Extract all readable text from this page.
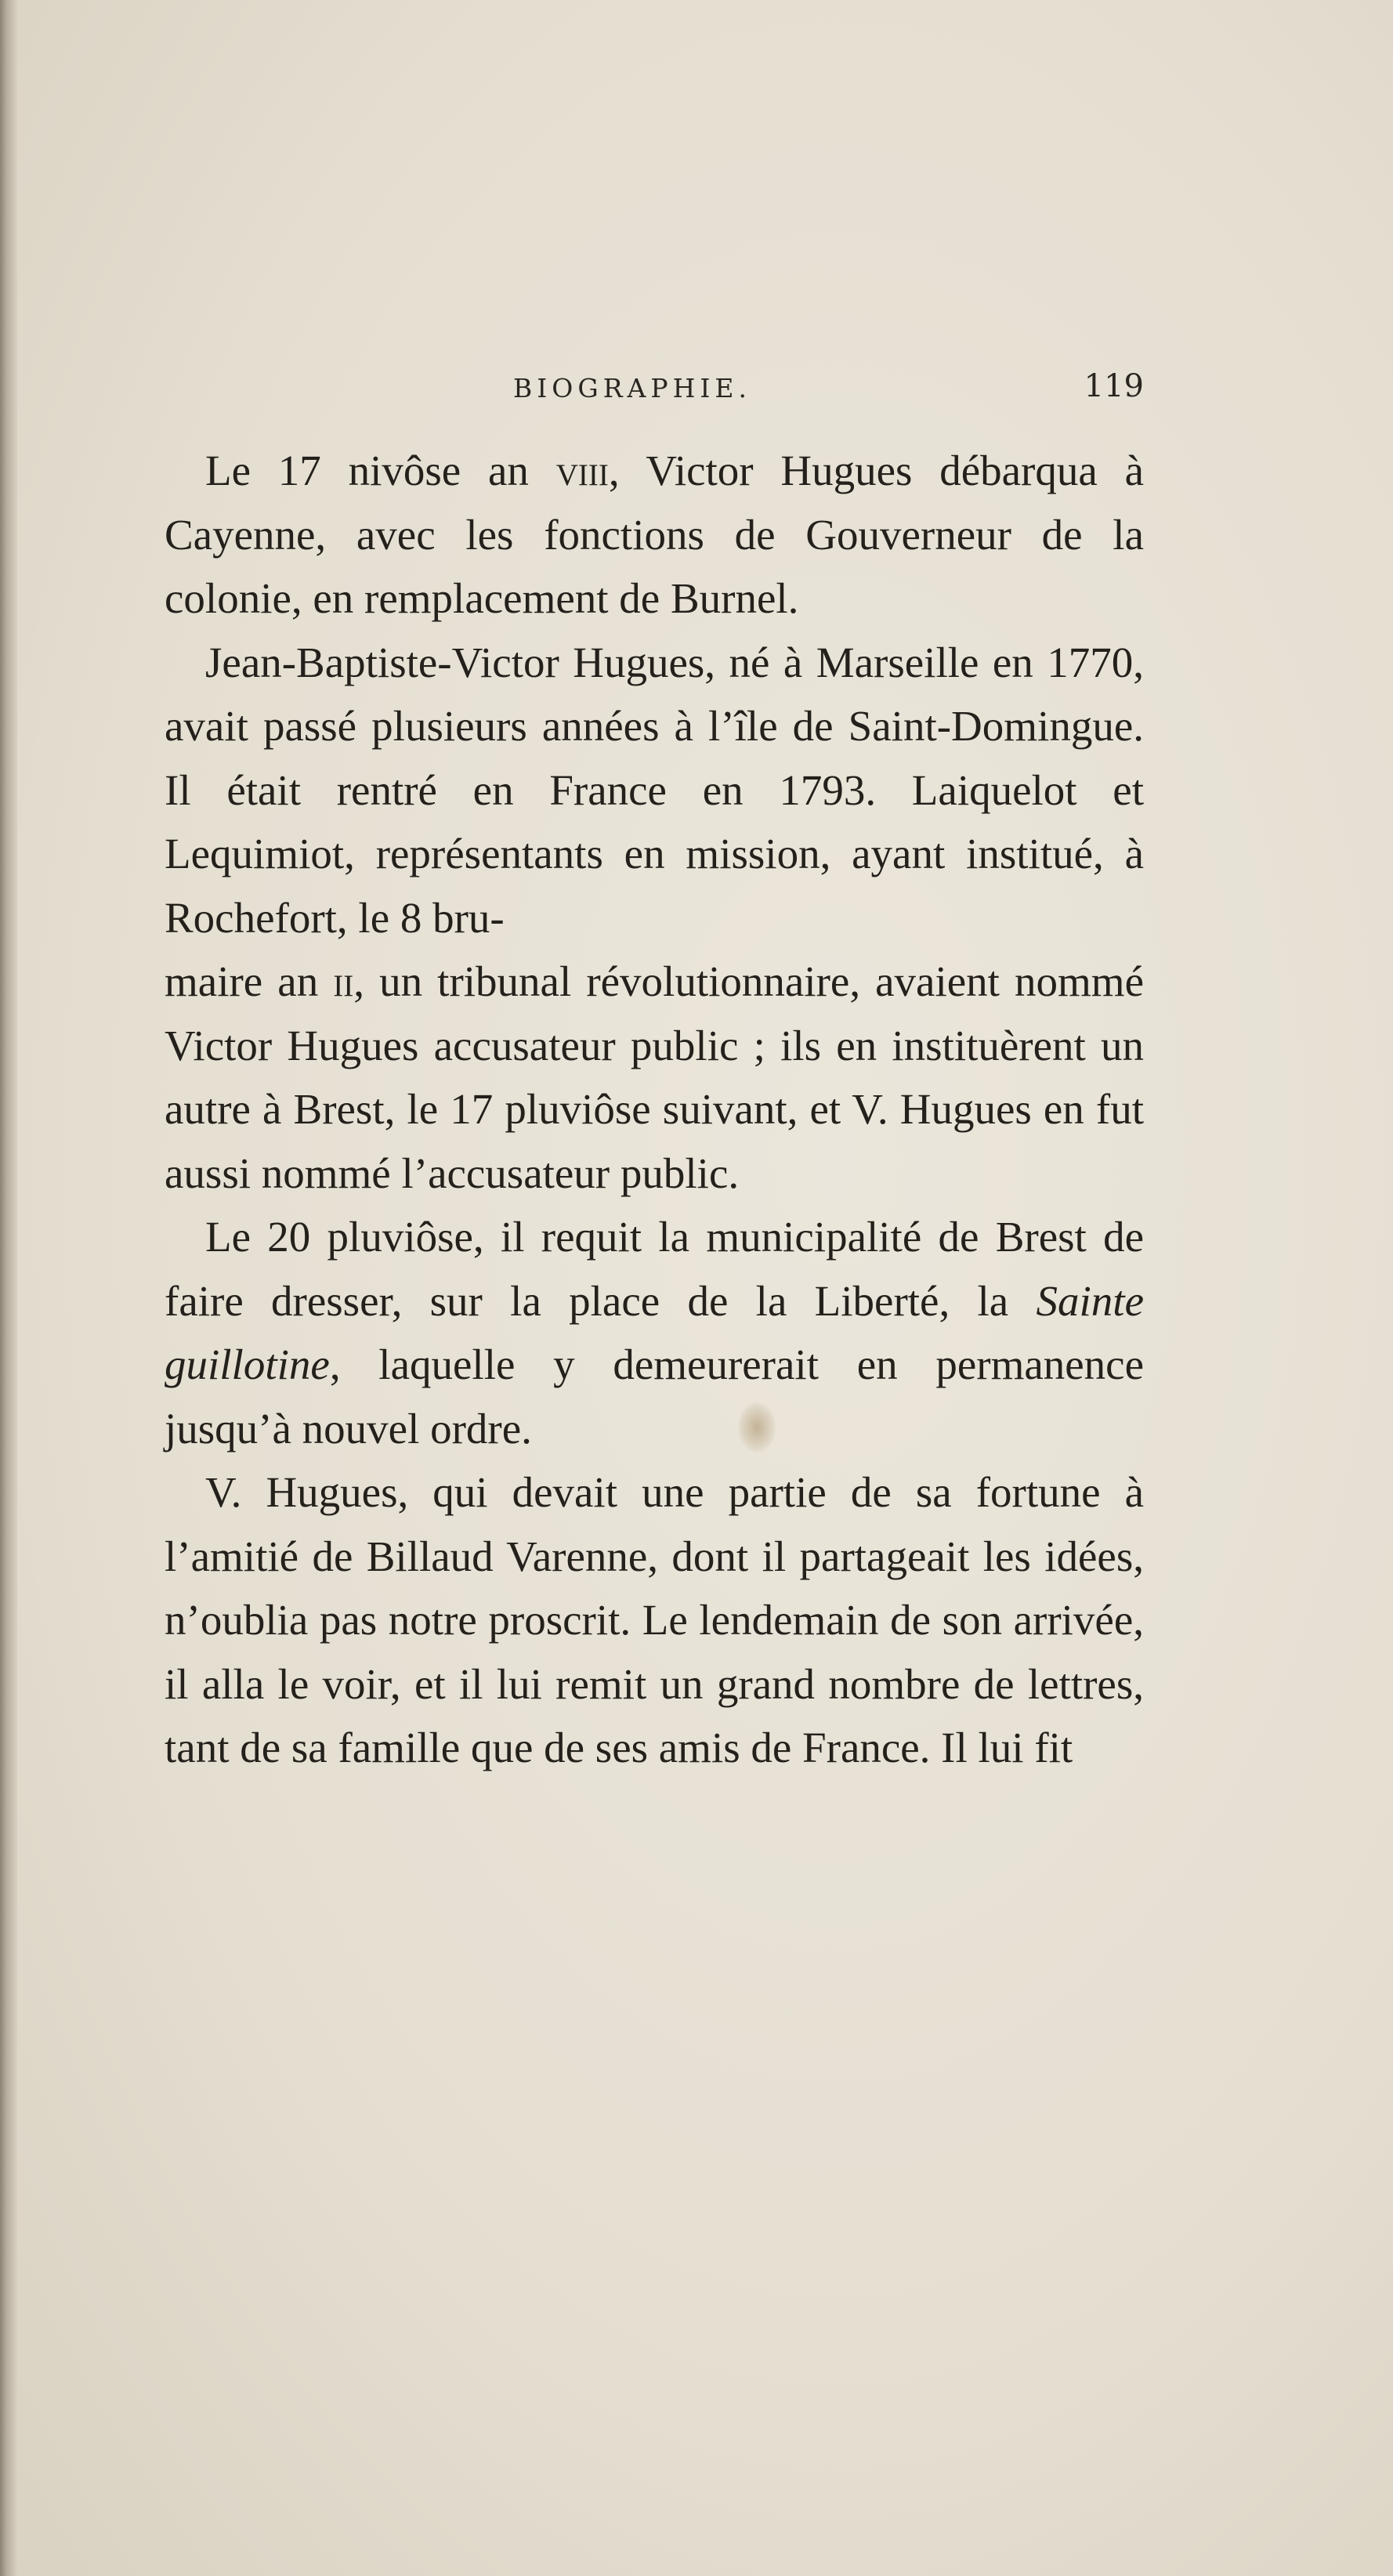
BIOGRAPHIE.	119

Le 17 nivôse an viii, Victor Hugues débarqua à Cayenne, avec les fonctions de Gouverneur de la colonie, en remplacement de Burnel.

Jean-Baptiste-Victor Hugues, né à Marseille en 1770, avait passé plusieurs années à l’île de Saint-Domingue. Il était rentré en France en 1793. Laiquelot et Lequimiot, représentants en mission, ayant institué, à Rochefort, le 8 bru-
maire an ii, un tribunal révolutionnaire, avaient nommé Victor Hugues accusateur public ; ils en instituèrent un autre à Brest, le 17 pluviôse suivant, et V. Hugues en fut aussi nommé l’accusateur public.

Le 20 pluviôse, il requit la municipalité de Brest de faire dresser, sur la place de la Liberté, la Sainte guillotine, laquelle y demeurerait en permanence jusqu’à nouvel ordre.

V. Hugues, qui devait une partie de sa fortune à l’amitié de Billaud Varenne, dont il partageait les idées, n’oublia pas notre proscrit. Le lendemain de son arrivée, il alla le voir, et il lui remit un grand nombre de lettres, tant de sa famille que de ses amis de France. Il lui fit
